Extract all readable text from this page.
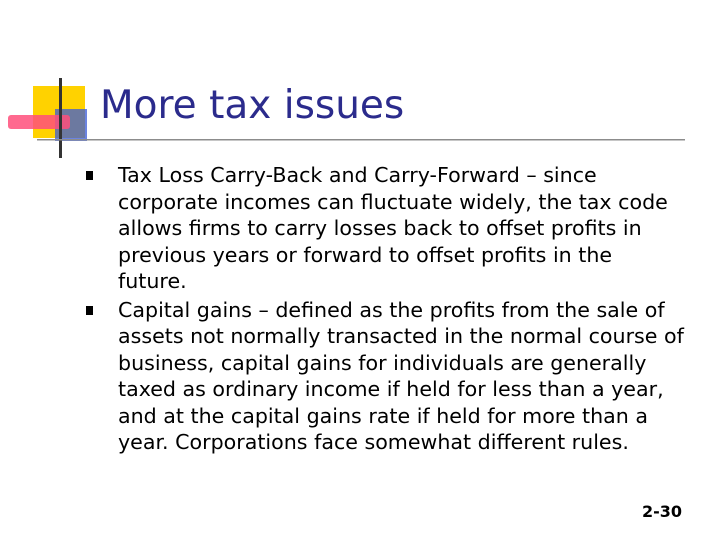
More tax issues
Tax Loss Carry-Back and Carry-Forward – since corporate incomes can fluctuate widely, the tax code allows firms to carry losses back to offset profits in previous years or forward to offset profits in the future.
Capital gains – defined as the profits from the sale of assets not normally transacted in the normal course of business, capital gains for individuals are generally taxed as ordinary income if held for less than a year, and at the capital gains rate if held for more than a year. Corporations face somewhat different rules.
2-30
